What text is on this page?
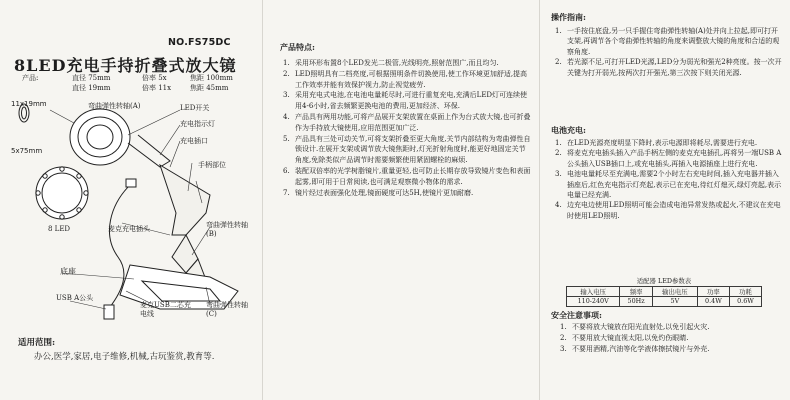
NO.FS75DC
8LED充电手持折叠式放大镜
产品:	直径 75mm	倍率 5x	焦距 100mm
直径 19mm	倍率 11x	焦距 45mm
11x19mm	弯曲弹性转轴(A)	LED开关
充电指示灯
5x75mm
充电插口
手柄部位
8 LED	麦克充电插头	弯曲弹性转轴(B)
底座
USB A公头
麦克USB二芯充电线
弯曲弹性转轴(C)
适用范围:
办公,医学,家居,电子维修,机械,古玩鉴赏,教育等.
产品特点:
1. 采用环形布置8个LED发光二极管,光线明亮,照射范围广,而且均匀.
2. LED照明具有二档亮度,可根据照明条件切换使用,使工作环境更加舒适,提高工作效率并能有效保护视力,防止视觉疲劳.
3. 采用充电式电池,在电池电量耗尽时,可进行重复充电,充满后LED灯可连续使用4-6小时,省去频繁更换电池的费用,更加经济、环保.
4. 产品具有两用功能,可将产品展开支架放置在桌面上作为台式放大镜,也可折叠作为手持放大镜使用,应用范围更加广泛.
5. 产品具有三处可动关节,可将支架折叠至更大角度,关节内部结构为弯曲弹性自锁设计.在展开支架或调节放大镜焦距时,灯光折射角度时,能更好地固定关节角度,免除类似产品调节时需要频繁使用紧固螺栓的麻烦.
6. 装配双倍率的光学树脂镜片,重量更轻,也可防止长期存放导致镜片变色和表面起雾,即可用于日常阅读,也可满足观察微小物体的需求.
7. 镜片经过表面强化处理,镜面硬度可达5H,使镜片更加耐磨.
操作指南:
1. 一手按住底盘,另一只手握住弯曲弹性转轴(A)处并向上拉起,即可打开支架,再调节各个弯曲弹性转轴的角度来调整放大镜的角度和合适的观察角度.
2. 若光源不足,可打开LED光源,LED分为弱光和强光2种亮度。按一次开关键为打开弱光,按两次打开强光,第三次按下则关闭光源.
电池充电:
1. 在LED光源亮度明显下降时,表示电源即将耗尽,需要进行充电.
2. 将麦克充电插头插入产品手柄左侧的麦克充电插孔,再将另一端USB A公头插入USB插口上,或充电插头,再插入电源插座上进行充电.
3. 电池电量耗尽至充满电,需要2个小时左右充电时间,插入充电器并插入插座后,红色充电指示灯亮起,表示已在充电,待红灯熄灭,绿灯亮起,表示电量已经充满.
4. 边充电边使用LED照明可能会造成电池异常发热或起火,不建议在充电时使用LED照明.
适配器 LED参数表				
输入电压	频率	输出电压	功率	功耗
110-240V	50Hz	5V	0.4W	0.6W
安全注意事项:
1. 不要将放大镜放在阳光直射处,以免引起火灾.
2. 不要用放大镜直视太阳,以免灼伤眼睛.
3. 不要用酒精,汽油等化学液体擦拭镜片与外壳.
